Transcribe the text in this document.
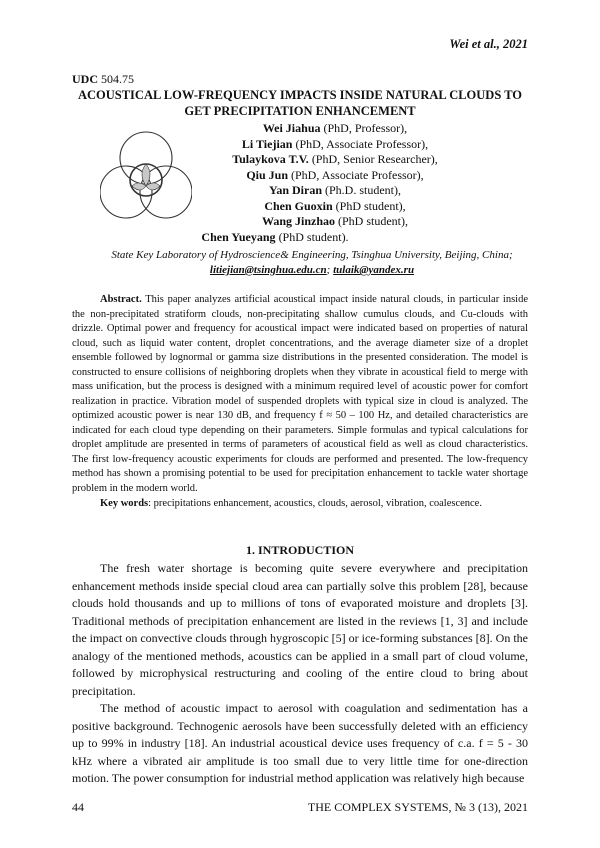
Wei et al., 2021
UDC 504.75
ACOUSTICAL LOW-FREQUENCY IMPACTS INSIDE NATURAL CLOUDS TO GET PRECIPITATION ENHANCEMENT
Wei Jiahua (PhD, Professor),
Li Tiejian (PhD, Associate Professor),
Tulaykova T.V. (PhD, Senior Researcher),
Qiu Jun (PhD, Associate Professor),
Yan Diran (Ph.D. student),
Chen Guoxin (PhD student),
Wang Jinzhao (PhD student),
Chen Yueyang (PhD student).
State Key Laboratory of Hydroscience& Engineering, Tsinghua University, Beijing, China;
litiejian@tsinghua.edu.cn; tulaik@yandex.ru

Abstract. This paper analyzes artificial acoustical impact inside natural clouds, in particular inside the non-precipitated stratiform clouds, non-precipitating shallow cumulus clouds, and Cu-clouds with drizzle. Optimal power and frequency for acoustical impact were indicated based on properties of natural cloud, such as liquid water content, droplet concentrations, and the average diameter size of a droplet ensemble followed by lognormal or gamma size distributions in the presented consideration. The model is constructed to ensure collisions of neighboring droplets when they vibrate in acoustical field to merge with mass unification, but the process is designed with a minimum required level of acoustic power for comfort realization in practice. Vibration model of suspended droplets with typical size in cloud is analyzed. The optimized acoustic power is near 130 dB, and frequency f ≈ 50 – 100 Hz, and detailed characteristics are indicated for each cloud type depending on their parameters. Simple formulas and typical calculations for droplet amplitude are presented in terms of parameters of acoustical field as well as cloud characteristics. The first low-frequency acoustic experiments for clouds are performed and presented. The low-frequency method has shown a promising potential to be used for precipitation enhancement to tackle water shortage problem in the modern world.

Key words: precipitations enhancement, acoustics, clouds, aerosol, vibration, coalescence.

1. INTRODUCTION

The fresh water shortage is becoming quite severe everywhere and precipitation enhancement methods inside special cloud area can partially solve this problem [28], because clouds hold thousands and up to millions of tons of evaporated moisture and droplets [3]. Traditional methods of precipitation enhancement are listed in the reviews [1, 3] and include the impact on convective clouds through hygroscopic [5] or ice-forming substances [8]. On the analogy of the mentioned methods, acoustics can be applied in a small part of cloud volume, followed by microphysical restructuring and cooling of the entire cloud to bring about precipitation.

The method of acoustic impact to aerosol with coagulation and sedimentation has a positive background. Technogenic aerosols have been successfully deleted with an efficiency up to 99% in industry [18]. An industrial acoustical device uses frequency of c.a. f = 5 - 30 kHz where a vibrated air amplitude is too small due to very little time for one-direction motion. The power consumption for industrial method application was relatively high because

44	THE COMPLEX SYSTEMS, № 3 (13), 2021
